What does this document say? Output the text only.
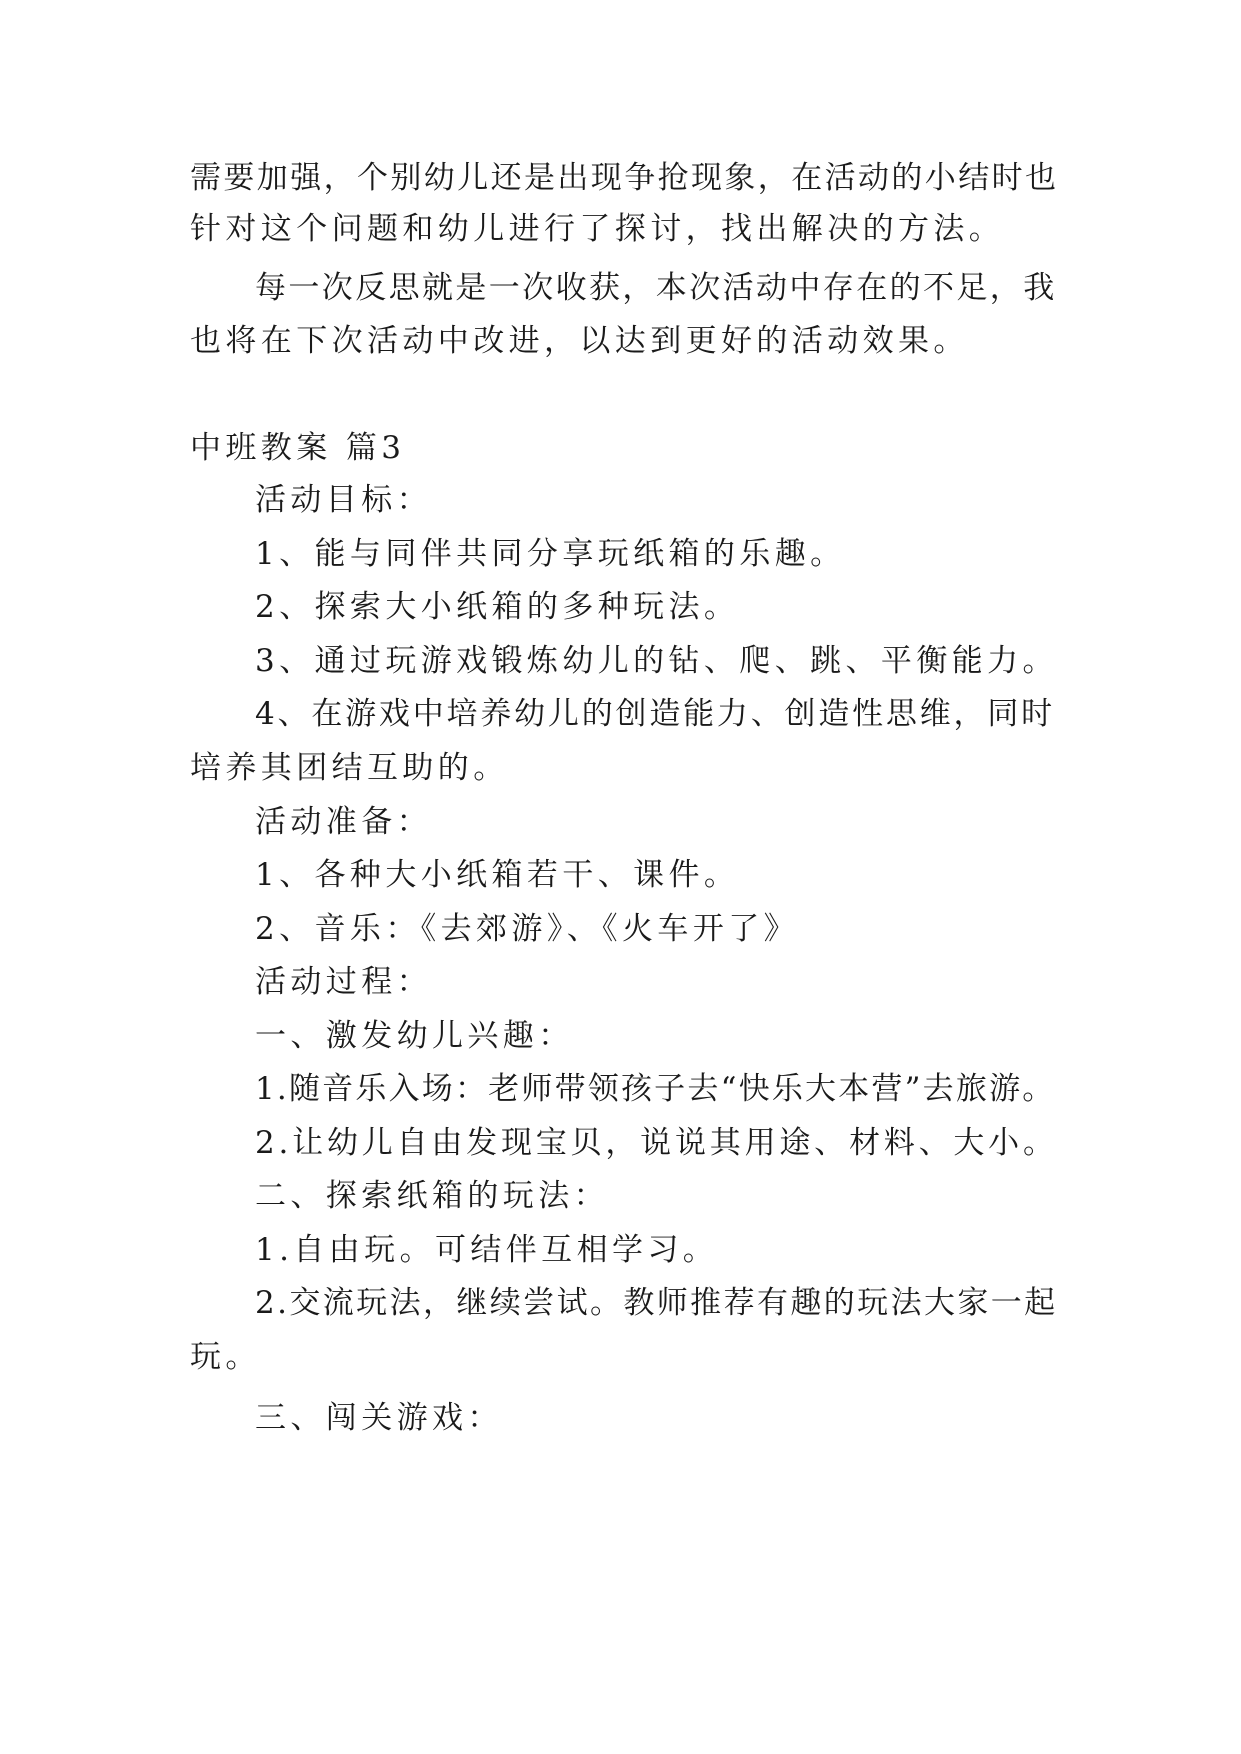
需要加强，个别幼儿还是出现争抢现象，在活动的小结时也
针对这个问题和幼儿进行了探讨，找出解决的方法。
每一次反思就是一次收获，本次活动中存在的不足，我
也将在下次活动中改进，以达到更好的活动效果。
中班教案 篇3
活动目标：
1、能与同伴共同分享玩纸箱的乐趣。
2、探索大小纸箱的多种玩法。
3、通过玩游戏锻炼幼儿的钻、爬、跳、平衡能力。
4、在游戏中培养幼儿的创造能力、创造性思维，同时
培养其团结互助的。
活动准备：
1、各种大小纸箱若干、课件。
2、音乐：《去郊游》、《火车开了》
活动过程：
一、激发幼儿兴趣：
1.随音乐入场：老师带领孩子去“快乐大本营”去旅游。
2.让幼儿自由发现宝贝，说说其用途、材料、大小。
二、探索纸箱的玩法：
1.自由玩。可结伴互相学习。
2.交流玩法，继续尝试。教师推荐有趣的玩法大家一起
玩。
三、闯关游戏：
